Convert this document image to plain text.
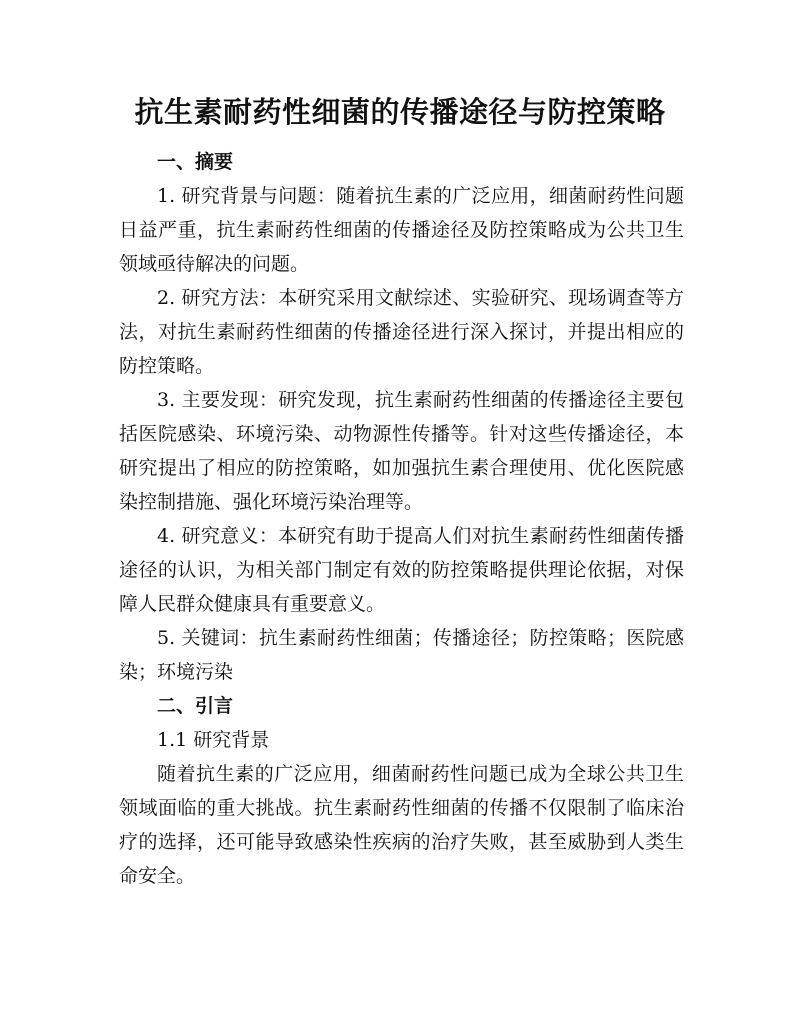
抗生素耐药性细菌的传播途径与防控策略
一、摘要

1. 研究背景与问题：随着抗生素的广泛应用，细菌耐药性问题日益严重，抗生素耐药性细菌的传播途径及防控策略成为公共卫生领域亟待解决的问题。

2. 研究方法：本研究采用文献综述、实验研究、现场调查等方法，对抗生素耐药性细菌的传播途径进行深入探讨，并提出相应的防控策略。

3. 主要发现：研究发现，抗生素耐药性细菌的传播途径主要包括医院感染、环境污染、动物源性传播等。针对这些传播途径，本研究提出了相应的防控策略，如加强抗生素合理使用、优化医院感染控制措施、强化环境污染治理等。

4. 研究意义：本研究有助于提高人们对抗生素耐药性细菌传播途径的认识，为相关部门制定有效的防控策略提供理论依据，对保障人民群众健康具有重要意义。

5. 关键词：抗生素耐药性细菌；传播途径；防控策略；医院感染；环境污染

二、引言

1.1 研究背景

随着抗生素的广泛应用，细菌耐药性问题已成为全球公共卫生领域面临的重大挑战。抗生素耐药性细菌的传播不仅限制了临床治疗的选择，还可能导致感染性疾病的治疗失败，甚至威胁到人类生命安全。
